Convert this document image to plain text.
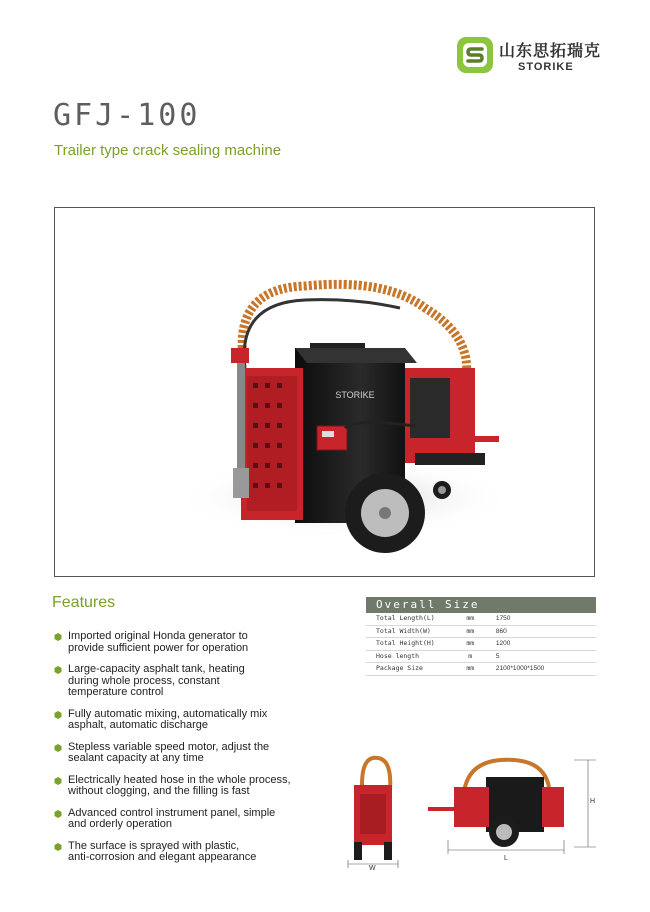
山东思拓瑞克
STORIKE
GFJ-100
Trailer type crack sealing machine
STORIKE
Features
Imported original Honda generator to
provide sufficient power for operation
Large-capacity asphalt tank, heating
during whole process, constant
temperature control
Fully automatic mixing, automatically mix
asphalt, automatic discharge
Stepless variable speed motor, adjust the
sealant capacity at any time
Electrically heated hose in the whole process,
without clogging, and the filling is fast
Advanced control instrument panel, simple
and orderly operation
The surface is sprayed with plastic,
anti-corrosion and elegant appearance
Overall Size
Total Length(L)	mm	1750
Total Width(W)	mm	860
Total Height(H)	mm	1200
Hose length	m	5
Package Size	mm	2100*1000*1500
W
L
H
